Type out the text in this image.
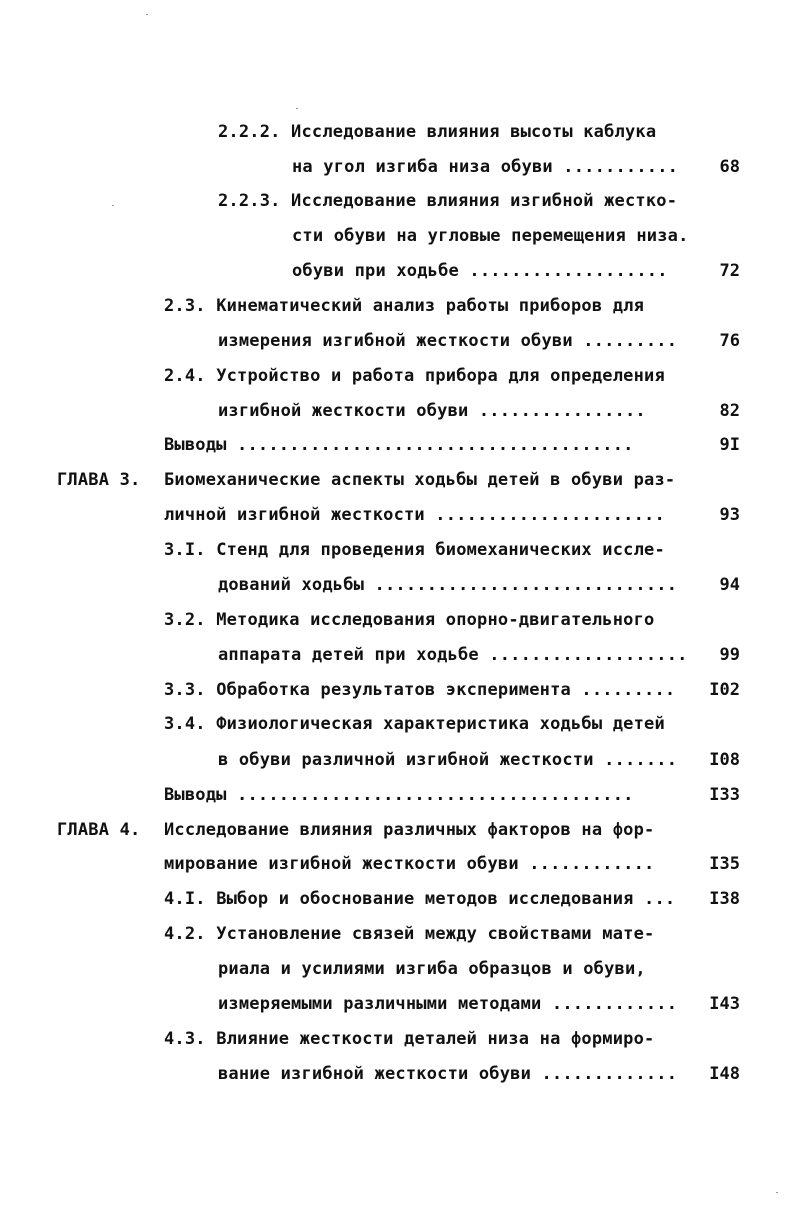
2.2.2. Исследование влияния высоты каблука
на угол изгиба низа обуви ...........	68
2.2.3. Исследование влияния изгибной жестко-
сти обуви на угловые перемещения низа.
обуви при ходьбе ...................	72
2.3. Кинематический анализ работы приборов для
измерения изгибной жесткости обуви .........	76
2.4. Устройство и работа прибора для определения
изгибной жесткости обуви ................	82
Выводы ......................................	9I
ГЛАВА 3. Биомеханические аспекты ходьбы детей в обуви раз-
личной изгибной жесткости ......................	93
3.I. Стенд для проведения биомеханических иссле-
дований ходьбы .............................	94
3.2. Методика исследования опорно-двигательного
аппарата детей при ходьбе ...................	99
3.3. Обработка результатов эксперимента .........	I02
3.4. Физиологическая характеристика ходьбы детей
в обуви различной изгибной жесткости .......	I08
Выводы ......................................	I33
ГЛАВА 4. Исследование влияния различных факторов на фор-
мирование изгибной жесткости обуви ............	I35
4.I. Выбор и обоснование методов исследования ...	I38
4.2. Установление связей между свойствами мате-
риала и усилиями изгиба образцов и обуви,
измеряемыми различными методами ............	I43
4.3. Влияние жесткости деталей низа на формиро-
вание изгибной жесткости обуви .............	I48
